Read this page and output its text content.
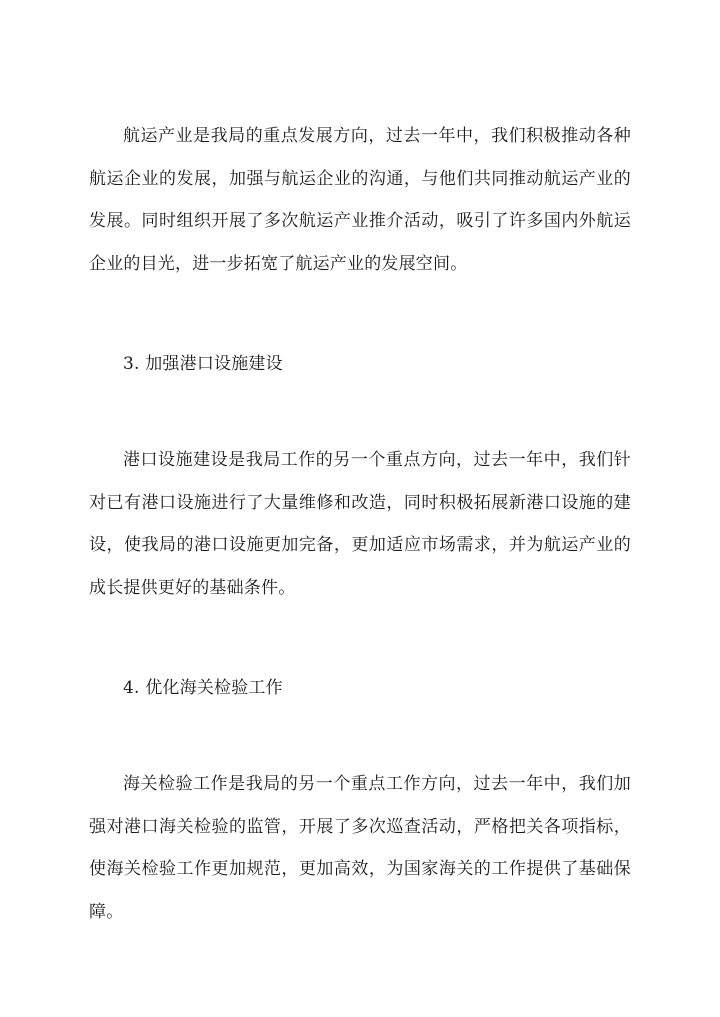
航运产业是我局的重点发展方向，过去一年中，我们积极推动各种航运企业的发展，加强与航运企业的沟通，与他们共同推动航运产业的发展。同时组织开展了多次航运产业推介活动，吸引了许多国内外航运企业的目光，进一步拓宽了航运产业的发展空间。

3. 加强港口设施建设

港口设施建设是我局工作的另一个重点方向，过去一年中，我们针对已有港口设施进行了大量维修和改造，同时积极拓展新港口设施的建设，使我局的港口设施更加完备，更加适应市场需求，并为航运产业的成长提供更好的基础条件。

4. 优化海关检验工作

海关检验工作是我局的另一个重点工作方向，过去一年中，我们加强对港口海关检验的监管，开展了多次巡查活动，严格把关各项指标，使海关检验工作更加规范，更加高效，为国家海关的工作提供了基础保障。
